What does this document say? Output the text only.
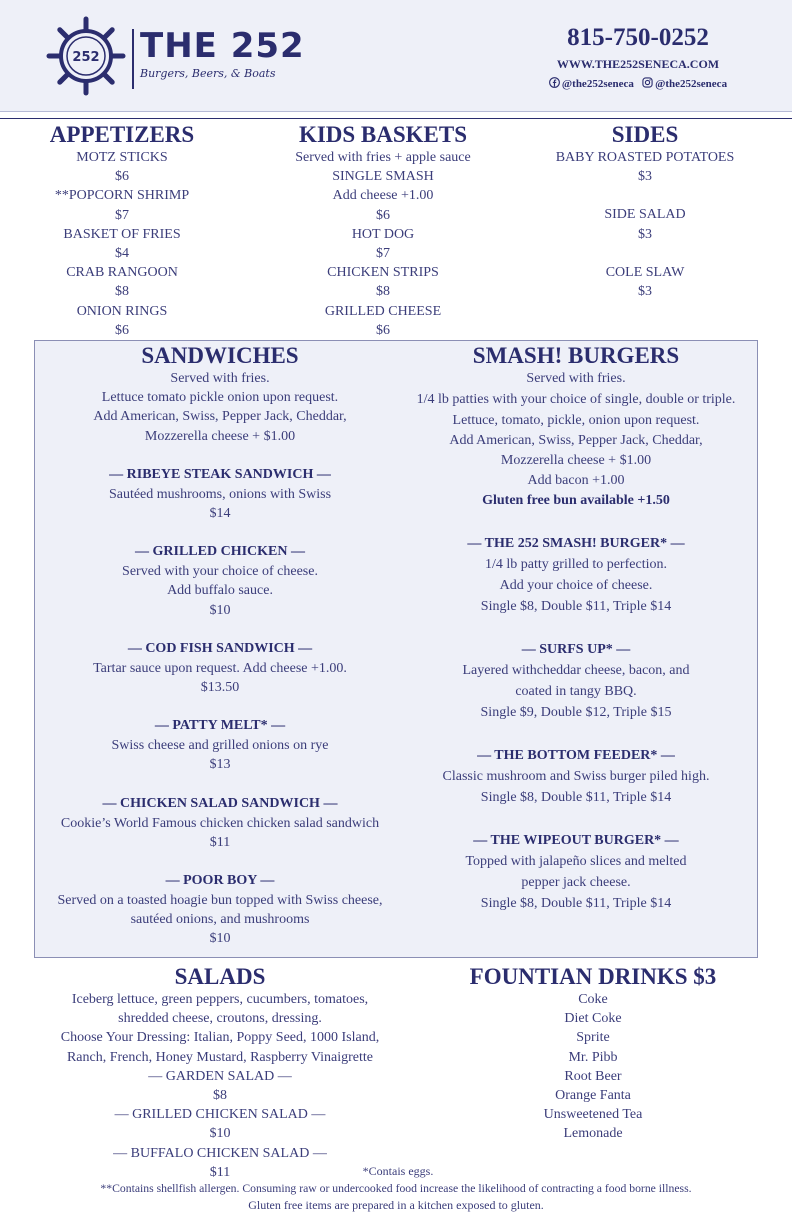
252 THE 252
Burgers, Beers, & Boats
815-750-0252
WWW.THE252SENECA.COM
@the252seneca @the252seneca
APPETIZERS
MOTZ STICKS
$6
**POPCORN SHRIMP
$7
BASKET OF FRIES
$4
CRAB RANGOON
$8
ONION RINGS
$6
KIDS BASKETS
Served with fries + apple sauce
SINGLE SMASH
Add cheese +1.00
$6
HOT DOG
$7
CHICKEN STRIPS
$8
GRILLED CHEESE
$6
SIDES
BABY ROASTED POTATOES
$3
SIDE SALAD
$3
COLE SLAW
$3
SANDWICHES
Served with fries.
Lettuce tomato pickle onion upon request.
Add American, Swiss, Pepper Jack, Cheddar,
Mozzerella cheese + $1.00
— RIBEYE STEAK SANDWICH —
Sautéed mushrooms, onions with Swiss
$14
— GRILLED CHICKEN —
Served with your choice of cheese.
Add buffalo sauce.
$10
— COD FISH SANDWICH —
Tartar sauce upon request. Add cheese +1.00.
$13.50
— PATTY MELT* —
Swiss cheese and grilled onions on rye
$13
— CHICKEN SALAD SANDWICH —
Cookie’s World Famous chicken chicken salad sandwich
$11
— POOR BOY —
Served on a toasted hoagie bun topped with Swiss cheese,
sautéed onions, and mushrooms
$10
SMASH! BURGERS
Served with fries.
1/4 lb patties with your choice of single, double or triple.
Lettuce, tomato, pickle, onion upon request.
Add American, Swiss, Pepper Jack, Cheddar,
Mozzerella cheese + $1.00
Add bacon +1.00
Gluten free bun available +1.50
— THE 252 SMASH! BURGER* —
1/4 lb patty grilled to perfection.
Add your choice of cheese.
Single $8, Double $11, Triple $14
— SURFS UP* —
Layered withcheddar cheese, bacon, and
coated in tangy BBQ.
Single $9, Double $12, Triple $15
— THE BOTTOM FEEDER* —
Classic mushroom and Swiss burger piled high.
Single $8, Double $11, Triple $14
— THE WIPEOUT BURGER* —
Topped with jalapeño slices and melted
pepper jack cheese.
Single $8, Double $11, Triple $14
SALADS
Iceberg lettuce, green peppers, cucumbers, tomatoes,
shredded cheese, croutons, dressing.
Choose Your Dressing: Italian, Poppy Seed, 1000 Island,
Ranch, French, Honey Mustard, Raspberry Vinaigrette
— GARDEN SALAD —
$8
— GRILLED CHICKEN SALAD —
$10
— BUFFALO CHICKEN SALAD —
$11
FOUNTIAN DRINKS $3
Coke
Diet Coke
Sprite
Mr. Pibb
Root Beer
Orange Fanta
Unsweetened Tea
Lemonade
*Contais eggs.
**Contains shellfish allergen. Consuming raw or undercooked food increase the likelihood of contracting a food borne illness.
Gluten free items are prepared in a kitchen exposed to gluten.
